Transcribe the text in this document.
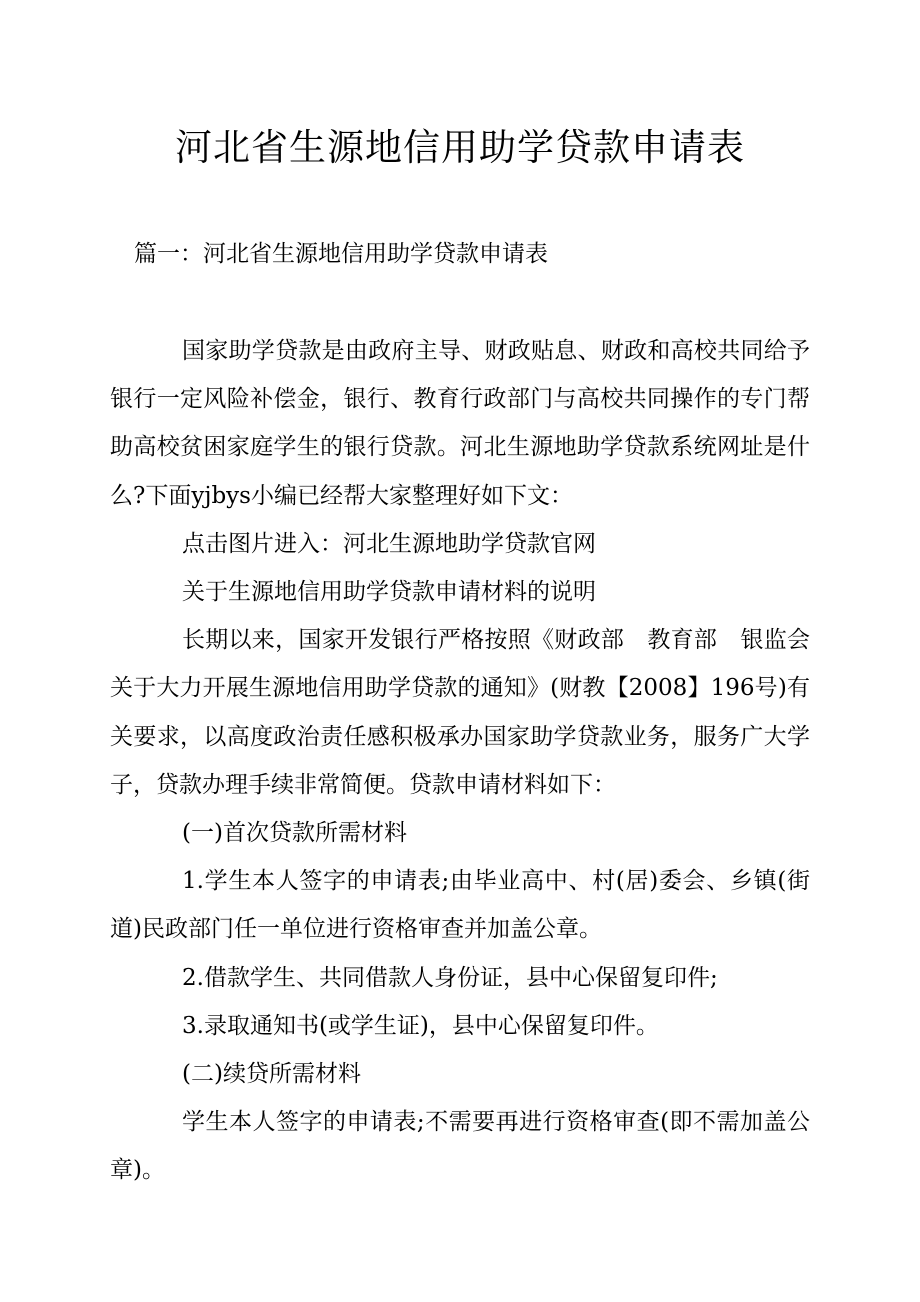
河北省生源地信用助学贷款申请表
篇一：河北省生源地信用助学贷款申请表

国家助学贷款是由政府主导、财政贴息、财政和高校共同给予银行一定风险补偿金，银行、教育行政部门与高校共同操作的专门帮助高校贫困家庭学生的银行贷款。河北生源地助学贷款系统网址是什么?下面yjbys小编已经帮大家整理好如下文：

点击图片进入：河北生源地助学贷款官网

关于生源地信用助学贷款申请材料的说明

长期以来，国家开发银行严格按照《财政部　教育部　银监会关于大力开展生源地信用助学贷款的通知》(财教【2008】196号)有关要求，以高度政治责任感积极承办国家助学贷款业务，服务广大学子，贷款办理手续非常简便。贷款申请材料如下：

(一)首次贷款所需材料

1.学生本人签字的申请表;由毕业高中、村(居)委会、乡镇(街道)民政部门任一单位进行资格审查并加盖公章。

2.借款学生、共同借款人身份证，县中心保留复印件;

3.录取通知书(或学生证)，县中心保留复印件。

(二)续贷所需材料

学生本人签字的申请表;不需要再进行资格审查(即不需加盖公章)。
